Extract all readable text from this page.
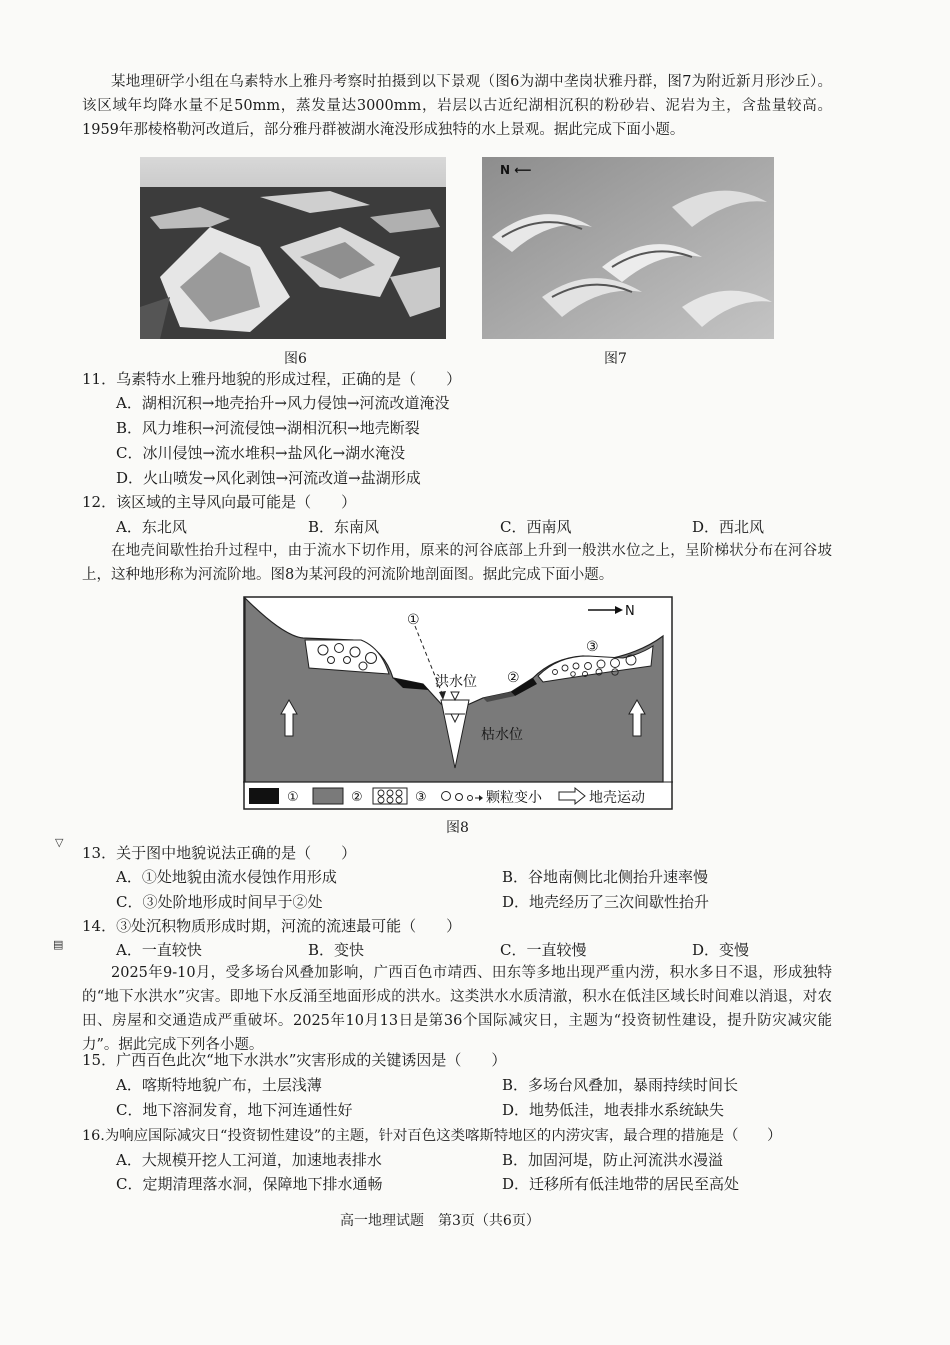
某地理研学小组在乌素特水上雅丹考察时拍摄到以下景观（图6为湖中垄岗状雅丹群，图7为附近新月形沙丘）。该区域年均降水量不足50mm，蒸发量达3000mm，岩层以古近纪湖相沉积的粉砂岩、泥岩为主，含盐量较高。1959年那棱格勒河改道后，部分雅丹群被湖水淹没形成独特的水上景观。据此完成下面小题。
图6
N ⟵
图7
11．乌素特水上雅丹地貌的形成过程，正确的是（　　）
A．湖相沉积→地壳抬升→风力侵蚀→河流改道淹没
B．风力堆积→河流侵蚀→湖相沉积→地壳断裂
C．冰川侵蚀→流水堆积→盐风化→湖水淹没
D．火山喷发→风化剥蚀→河流改道→盐湖形成
12．该区域的主导风向最可能是（　　）
A．东北风	B．东南风	C．西南风	D．西北风
在地壳间歇性抬升过程中，由于流水下切作用，原来的河谷底部上升到一般洪水位之上，呈阶梯状分布在河谷坡上，这种地形称为河流阶地。图8为某河段的河流阶地剖面图。据此完成下面小题。
N
①
②
③
洪水位
枯水位
①	②	③	颗粒变小	地壳运动
图8
▽
▤
13．关于图中地貌说法正确的是（　　）
A．①处地貌由流水侵蚀作用形成	B．谷地南侧比北侧抬升速率慢
C．③处阶地形成时间早于②处	D．地壳经历了三次间歇性抬升
14．③处沉积物质形成时期，河流的流速最可能（　　）
A．一直较快	B．变快	C．一直较慢	D．变慢
2025年9-10月，受多场台风叠加影响，广西百色市靖西、田东等多地出现严重内涝，积水多日不退，形成独特的“地下水洪水”灾害。即地下水反涌至地面形成的洪水。这类洪水水质清澈，积水在低洼区域长时间难以消退，对农田、房屋和交通造成严重破坏。2025年10月13日是第36个国际减灾日，主题为“投资韧性建设，提升防灾减灾能力”。据此完成下列各小题。
15．广西百色此次“地下水洪水”灾害形成的关键诱因是（　　）
A．喀斯特地貌广布，土层浅薄	B．多场台风叠加，暴雨持续时间长
C．地下溶洞发育，地下河连通性好	D．地势低洼，地表排水系统缺失
16.为响应国际减灾日“投资韧性建设”的主题，针对百色这类喀斯特地区的内涝灾害，最合理的措施是（　　）
A．大规模开挖人工河道，加速地表排水	B．加固河堤，防止河流洪水漫溢
C．定期清理落水洞，保障地下排水通畅	D．迁移所有低洼地带的居民至高处
高一地理试题　第3页（共6页）
